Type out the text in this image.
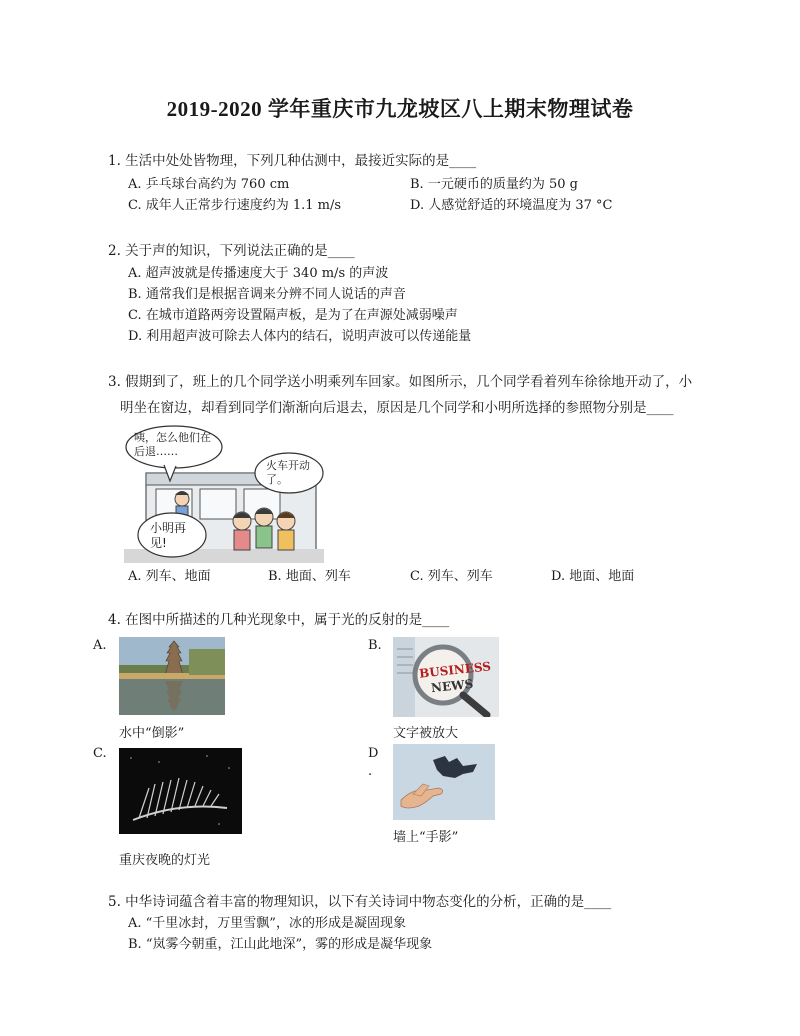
2019-2020 学年重庆市九龙坡区八上期末物理试卷
1. 生活中处处皆物理，下列几种估测中，最接近实际的是____
A. 乒乓球台高约为 760 cm	B. 一元硬币的质量约为 50 g
C. 成年人正常步行速度约为 1.1 m/s	D. 人感觉舒适的环境温度为 37 °C
2. 关于声的知识，下列说法正确的是____
A. 超声波就是传播速度大于 340 m/s 的声波
B. 通常我们是根据音调来分辨不同人说话的声音
C. 在城市道路两旁设置隔声板，是为了在声源处减弱噪声
D. 利用超声波可除去人体内的结石，说明声波可以传递能量
3. 假期到了，班上的几个同学送小明乘列车回家。如图所示，几个同学看着列车徐徐地开动了，小
明坐在窗边，却看到同学们渐渐向后退去，原因是几个同学和小明所选择的参照物分别是____
咦，怎么他们在后退……
火车开动了。
小明再见!
A. 列车、地面	B. 地面、列车	C. 列车、列车	D. 地面、地面
4. 在图中所描述的几种光现象中，属于光的反射的是____
A.
水中“倒影”
B.
BUSINESS
NEWS
文字被放大
C.
重庆夜晚的灯光
D
.
墙上“手影”
5. 中华诗词蕴含着丰富的物理知识，以下有关诗词中物态变化的分析，正确的是____
A. “千里冰封，万里雪飘”，冰的形成是凝固现象
B. “岚雾今朝重，江山此地深”，雾的形成是凝华现象
